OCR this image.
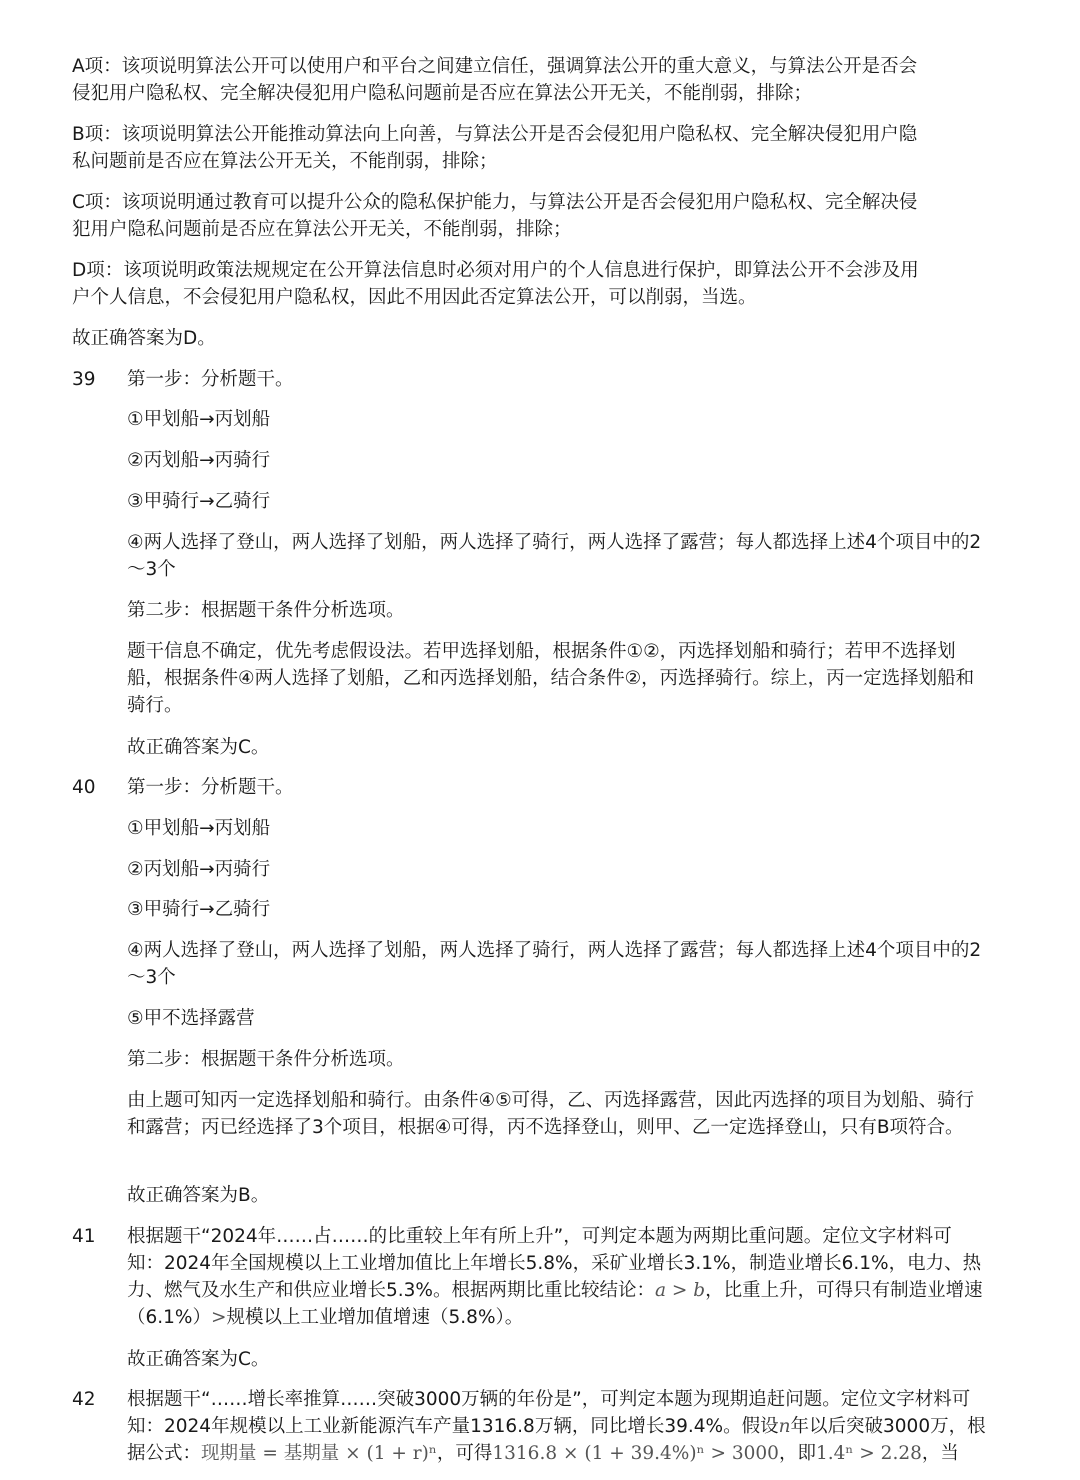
A项：该项说明算法公开可以使用户和平台之间建立信任，强调算法公开的重大意义，与算法公开是否会侵犯用户隐私权、完全解决侵犯用户隐私问题前是否应在算法公开无关，不能削弱，排除；

B项：该项说明算法公开能推动算法向上向善，与算法公开是否会侵犯用户隐私权、完全解决侵犯用户隐私问题前是否应在算法公开无关，不能削弱，排除；

C项：该项说明通过教育可以提升公众的隐私保护能力，与算法公开是否会侵犯用户隐私权、完全解决侵犯用户隐私问题前是否应在算法公开无关，不能削弱，排除；

D项：该项说明政策法规规定在公开算法信息时必须对用户的个人信息进行保护，即算法公开不会涉及用户个人信息，不会侵犯用户隐私权，因此不用因此否定算法公开，可以削弱，当选。

故正确答案为D。

39 第一步：分析题干。

①甲划船→丙划船

②丙划船→丙骑行

③甲骑行→乙骑行

④两人选择了登山，两人选择了划船，两人选择了骑行，两人选择了露营；每人都选择上述4个项目中的2～3个

第二步：根据题干条件分析选项。

题干信息不确定，优先考虑假设法。若甲选择划船，根据条件①②，丙选择划船和骑行；若甲不选择划船，根据条件④两人选择了划船，乙和丙选择划船，结合条件②，丙选择骑行。综上，丙一定选择划船和骑行。

故正确答案为C。

40 第一步：分析题干。

①甲划船→丙划船

②丙划船→丙骑行

③甲骑行→乙骑行

④两人选择了登山，两人选择了划船，两人选择了骑行，两人选择了露营；每人都选择上述4个项目中的2～3个

⑤甲不选择露营

第二步：根据题干条件分析选项。

由上题可知丙一定选择划船和骑行。由条件④⑤可得，乙、丙选择露营，因此丙选择的项目为划船、骑行和露营；丙已经选择了3个项目，根据④可得，丙不选择登山，则甲、乙一定选择登山，只有B项符合。

故正确答案为B。

41 根据题干“2024年……占……的比重较上年有所上升”，可判定本题为两期比重问题。定位文字材料可知：2024年全国规模以上工业增加值比上年增长5.8%，采矿业增长3.1%，制造业增长6.1%，电力、热力、燃气及水生产和供应业增长5.3%。根据两期比重比较结论：a > b，比重上升，可得只有制造业增速（6.1%）>规模以上工业增加值增速（5.8%）。

故正确答案为C。

42 根据题干“……增长率推算……突破3000万辆的年份是”，可判定本题为现期追赶问题。定位文字材料可知：2024年规模以上工业新能源汽车产量1316.8万辆，同比增长39.4%。假设n年以后突破3000万，根据公式：现期量 = 基期量 × (1 + r)ⁿ，可得1316.8 × (1 + 39.4%)ⁿ > 3000，即1.4ⁿ > 2.28，当
